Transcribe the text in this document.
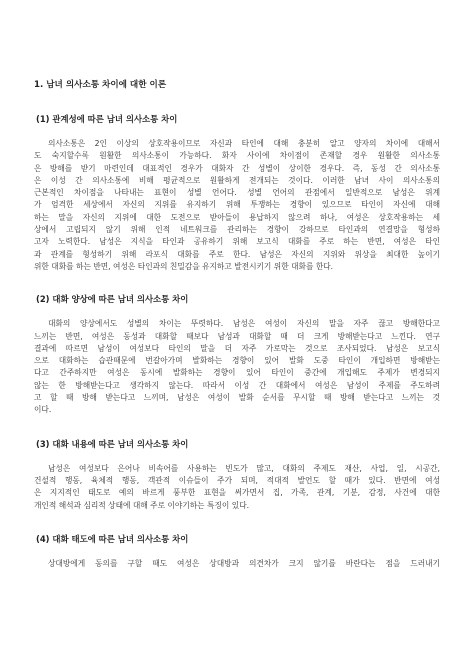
1. 남녀 의사소통 차이에 대한 이론
(1) 관계성에 따른 남녀 의사소통 차이
의사소통은 2인 이상의 상호작용이므로 자신과 타인에 대해 충분히 알고 양자의 차이에 대해서
도 숙지할수록 원활한 의사소통이 가능하다. 화자 사이에 차이점이 존재할 경우 원활한 의사소통
은 방해를 받기 마련인데 대표적인 경우가 대화자 간 성별이 상이한 경우다. 즉, 동성 간 의사소통
은 이성 간 의사소통에 비해 평균적으로 원활하게 전개되는 것이다. 이러한 남녀 사이 의사소통의
근본적인 차이점을 나타내는 표현이 성별 언어다. 성별 언어의 관점에서 일반적으로 남성은 위계
가 엄격한 세상에서 자신의 지위를 유지하기 위해 투쟁하는 경향이 있으므로 타인이 자신에 대해
하는 말을 자신의 지위에 대한 도전으로 받아들이 용납하지 않으려 하나, 여성은 상호작용하는 세
상에서 고립되지 않기 위해 인적 네트워크를 관리하는 경향이 강하므로 타인과의 연결망을 형성하
고자 노력한다. 남성은 지식을 타인과 공유하기 위해 보고식 대화를 주로 하는 반면, 여성은 타인
과 관계를 형성하기 위해 라포식 대화를 주로 한다. 남성은 자신의 지위와 위상을 최대한 높이기
위한 대화를 하는 반면, 여성은 타인과의 친밀감을 유지하고 발전시키기 위한 대화를 한다.
(2) 대화 양상에 따른 남녀 의사소통 차이
대화의 양상에서도 성별의 차이는 뚜렷하다. 남성은 여성이 자신의 말을 자주 끊고 방해한다고
느끼는 반면, 여성은 동성과 대화할 때보다 남성과 대화할 때 더 크게 방해받는다고 느낀다. 연구
결과에 따르면 남성이 여성보다 타인의 말을 더 자주 가로막는 것으로 조사되었다. 남성은 보고식
으로 대화하는 습관때문에 번갈아가며 발화하는 경향이 있어 발화 도중 타인이 개입하면 방해받는
다고 간주하지만 여성은 동시에 발화하는 경향이 있어 타인이 중간에 개입해도 주제가 변경되지
않는 한 방해받는다고 생각하지 않는다. 따라서 이성 간 대화에서 여성은 남성이 주제를 주도하려
고 할 때 방해 받는다고 느끼며, 남성은 여성이 발화 순서를 무시할 때 방해 받는다고 느끼는 것
이다.
(3) 대화 내용에 따른 남녀 의사소통 차이
남성은 여성보다 은어나 비속어를 사용하는 빈도가 많고, 대화의 주제도 재산, 사업, 일, 시공간,
건설적 행동, 육체적 행동, 객관적 이슈들이 주가 되며, 적대적 발언도 할 때가 있다. 반면에 여성
은 지지적인 태도로 예의 바르게 풍부한 표현을 써가면서 집, 가족, 관계, 기분, 감정, 사건에 대한
개인적 해석과 심리적 상태에 대해 주로 이야기하는 특징이 있다.
(4) 대화 태도에 따른 남녀 의사소통 차이
상대방에게 동의를 구할 때도 여성은 상대방과 의견차가 크지 않기를 바란다는 점을 드러내기
